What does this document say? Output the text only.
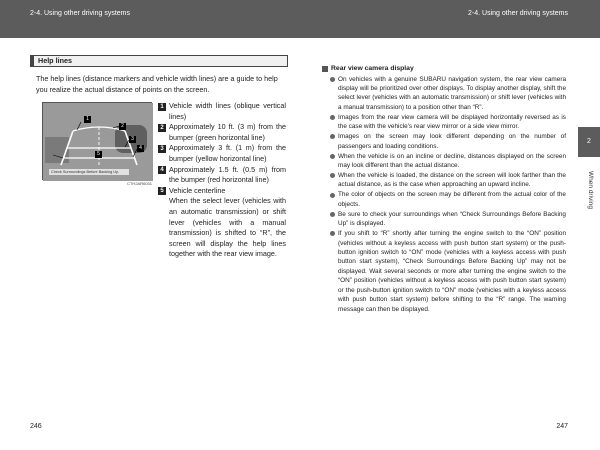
2-4. Using other driving systems	2-4. Using other driving systems
Help lines
The help lines (distance markers and vehicle width lines) are a guide to help you realize the actual distance of points on the screen.
Check Surroundings Before Backing Up.
1
2
3
4
5
CTH2AR6031
1 Vehicle width lines (oblique vertical lines)
2 Approximately 10 ft. (3 m) from the bumper (green horizontal line)
3 Approximately 3 ft. (1 m) from the bumper (yellow horizontal line)
4 Approximately 1.5 ft. (0.5 m) from the bumper (red horizontal line)
5 Vehicle centerline
When the select lever (vehicles with an automatic transmission) or shift lever (vehicles with a manual transmission) is shifted to “R”, the screen will display the help lines together with the rear view image.
Rear view camera display
On vehicles with a genuine SUBARU navigation system, the rear view camera display will be prioritized over other displays. To display another display, shift the select lever (vehicles with an automatic transmission) or shift lever (vehicles with a manual transmission) to a position other than “R”.
Images from the rear view camera will be displayed horizontally reversed as is the case with the vehicle’s rear view mirror or a side view mirror.
Images on the screen may look different depending on the number of passengers and loading conditions.
When the vehicle is on an incline or decline, distances displayed on the screen may look different than the actual distance.
When the vehicle is loaded, the distance on the screen will look farther than the actual distance, as is the case when approaching an upward incline.
The color of objects on the screen may be different from the actual color of the objects.
Be sure to check your surroundings when “Check Surroundings Before Backing Up” is displayed.
If you shift to “R” shortly after turning the engine switch to the “ON” position (vehicles without a keyless access with push button start system) or the push-button ignition switch to “ON” mode (vehicles with a keyless access with push button start system), “Check Surroundings Before Backing Up” may not be displayed. Wait several seconds or more after turning the engine switch to the “ON” position (vehicles without a keyless access with push button start system) or the push-button ignition switch to “ON” mode (vehicles with a keyless access with push button start system) before shifting to the “R” range. The warning message can then be displayed.
2
When driving
246	247
